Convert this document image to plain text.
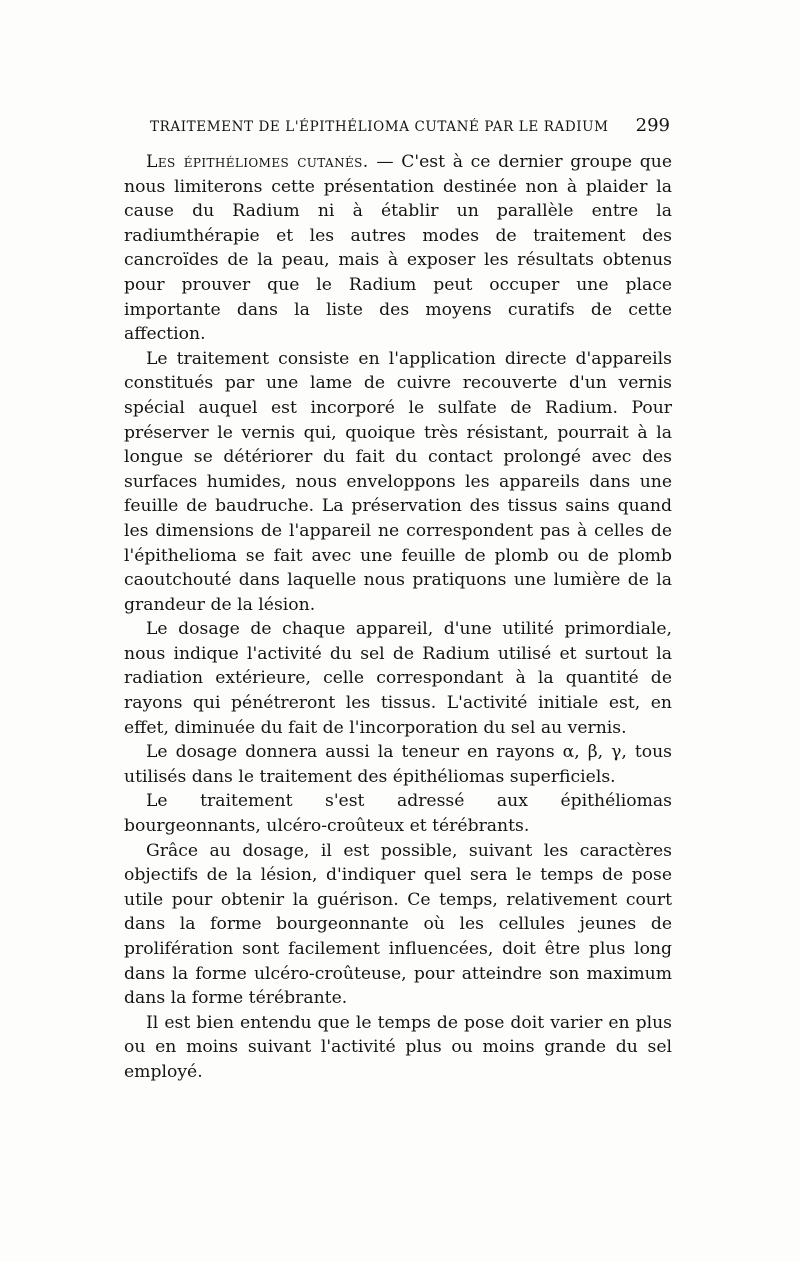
TRAITEMENT DE L'ÉPITHÉLIOMA CUTANÉ PAR LE RADIUM 299

Les épithéliomes cutanés. — C'est à ce dernier groupe que nous limiterons cette présentation destinée non à plaider la cause du Radium ni à établir un parallèle entre la radiumthérapie et les autres modes de traitement des cancroïdes de la peau, mais à exposer les résultats obtenus pour prouver que le Radium peut occuper une place importante dans la liste des moyens curatifs de cette affection.

Le traitement consiste en l'application directe d'appareils constitués par une lame de cuivre recouverte d'un vernis spécial auquel est incorporé le sulfate de Radium. Pour préserver le vernis qui, quoique très résistant, pourrait à la longue se détériorer du fait du contact prolongé avec des surfaces humides, nous enveloppons les appareils dans une feuille de baudruche. La préservation des tissus sains quand les dimensions de l'appareil ne correspondent pas à celles de l'épithelioma se fait avec une feuille de plomb ou de plomb caoutchouté dans laquelle nous pratiquons une lumière de la grandeur de la lésion.

Le dosage de chaque appareil, d'une utilité primordiale, nous indique l'activité du sel de Radium utilisé et surtout la radiation extérieure, celle correspondant à la quantité de rayons qui pénétreront les tissus. L'activité initiale est, en effet, diminuée du fait de l'incorporation du sel au vernis.

Le dosage donnera aussi la teneur en rayons α, β, γ, tous utilisés dans le traitement des épithéliomas superficiels.

Le traitement s'est adressé aux épithéliomas bourgeonnants, ulcéro-croûteux et térébrants.

Grâce au dosage, il est possible, suivant les caractères objectifs de la lésion, d'indiquer quel sera le temps de pose utile pour obtenir la guérison. Ce temps, relativement court dans la forme bourgeonnante où les cellules jeunes de prolifération sont facilement influencées, doit être plus long dans la forme ulcéro-croûteuse, pour atteindre son maximum dans la forme térébrante.

Il est bien entendu que le temps de pose doit varier en plus ou en moins suivant l'activité plus ou moins grande du sel employé.
